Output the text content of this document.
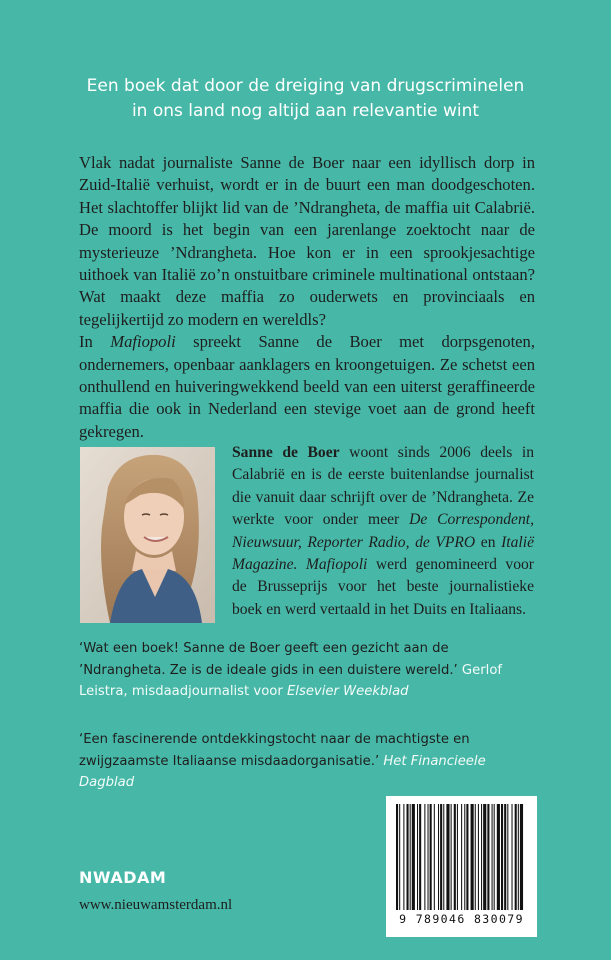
Een boek dat door de dreiging van drugscriminelen
in ons land nog altijd aan relevantie wint

Vlak nadat journaliste Sanne de Boer naar een idyllisch dorp in Zuid-Italië verhuist, wordt er in de buurt een man doodgeschoten. Het slachtoffer blijkt lid van de ’Ndrangheta, de maffia uit Calabrië. De moord is het begin van een jarenlange zoektocht naar de mysterieuze ’Ndrangheta. Hoe kon er in een sprookjesachtige uithoek van Italië zo’n onstuitbare criminele multinational ontstaan? Wat maakt deze maffia zo ouderwets en provinciaals en tegelijkertijd zo modern en wereldls?

In Mafiopoli spreekt Sanne de Boer met dorpsgenoten, ondernemers, openbaar aanklagers en kroongetuigen. Ze schetst een onthullend en huiveringwekkend beeld van een uiterst geraffineerde maffia die ook in Nederland een stevige voet aan de grond heeft gekregen.

Sanne de Boer woont sinds 2006 deels in Calabrië en is de eerste buitenlandse journalist die vanuit daar schrijft over de ’Ndrangheta. Ze werkte voor onder meer De Correspondent, Nieuwsuur, Reporter Radio, de VPRO en Italië Magazine. Mafiopoli werd genomineerd voor de Brusseprijs voor het beste journalistieke boek en werd vertaald in het Duits en Italiaans.

‘Wat een boek! Sanne de Boer geeft een gezicht aan de ’Ndrangheta. Ze is de ideale gids in een duistere wereld.’ Gerlof Leistra, misdaadjournalist voor Elsevier Weekblad
‘Een fascinerende ontdekkingstocht naar de machtigste en zwijgzaamste Italiaanse misdaadorganisatie.’ Het Financieele Dagblad
NWADAM
www.nieuwamsterdam.nl
9 789046 830079
